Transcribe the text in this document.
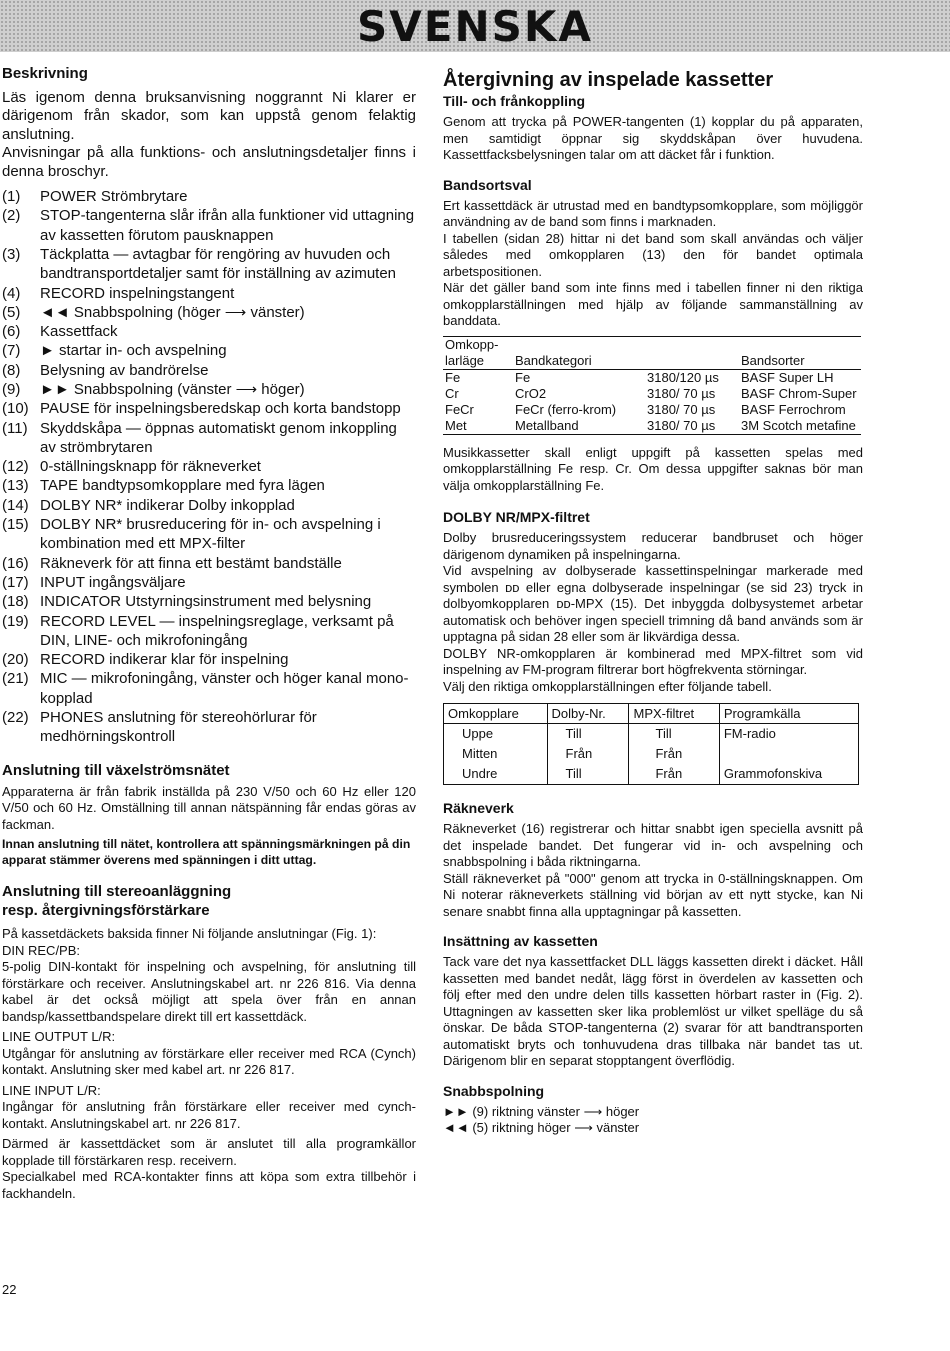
SVENSKA
Beskrivning

Läs igenom denna bruksanvisning noggrannt Ni klarer er därigenom från skador, som kan uppstå genom felaktig anslutning.

Anvisningar på alla funktions- och anslutningsdetaljer finns i denna broschyr.

(1)	POWER Strömbrytare
(2)	STOP-tangenterna slår ifrån alla funktioner vid uttagning av kassetten förutom pausknappen
(3)	Täckplatta — avtagbar för rengöring av huvuden och bandtransportdetaljer samt för inställning av azimuten
(4)	RECORD inspelningstangent
(5)	◄◄ Snabbspolning (höger ⟶ vänster)
(6)	Kassettfack
(7)	► startar in- och avspelning
(8)	Belysning av bandrörelse
(9)	►► Snabbspolning (vänster ⟶ höger)
(10) PAUSE för inspelningsberedskap och korta bandstopp
(11) Skyddskåpa — öppnas automatiskt genom inkoppling av strömbrytaren
(12) 0-ställningsknapp för räkneverket
(13) TAPE bandtypsomkopplare med fyra lägen
(14) DOLBY NR* indikerar Dolby inkopplad
(15) DOLBY NR* brusreducering för in- och avspelning i kombination med ett MPX-filter
(16) Räkneverk för att finna ett bestämt bandställe
(17) INPUT ingångsväljare
(18) INDICATOR Utstyrningsinstrument med belysning
(19) RECORD LEVEL — inspelningsreglage, verksamt på DIN, LINE- och mikrofoningång
(20) RECORD indikerar klar för inspelning
(21) MIC — mikrofoningång, vänster och höger kanal mono-kopplad
(22) PHONES anslutning för stereohörlurar för medhörningskontroll
Anslutning till växelströmsnätet

Apparaterna är från fabrik inställda på 230 V/50 och 60 Hz eller 120 V/50 och 60 Hz. Omställning till annan nätspänning får endas göras av fackman.

Innan anslutning till nätet, kontrollera att spänningsmärkningen på din apparat stämmer överens med spänningen i ditt uttag.

Anslutning till stereoanläggning
resp. återgivningsförstärkare

På kassetdäckets baksida finner Ni följande anslutningar (Fig. 1):

DIN REC/PB:

5-polig DIN-kontakt för inspelning och avspelning, för anslutning till förstärkare och receiver. Anslutningskabel art. nr 226 816. Via denna kabel är det också möjligt att spela över från en annan bandsp/kassettbandspelare direkt till ert kassettdäck.

LINE OUTPUT L/R:

Utgångar för anslutning av förstärkare eller receiver med RCA (Cynch) kontakt. Anslutning sker med kabel art. nr 226 817.

LINE INPUT L/R:

Ingångar för anslutning från förstärkare eller receiver med cynch-kontakt. Anslutningskabel art. nr 226 817.

Därmed är kassettdäcket som är anslutet till alla programkällor kopplade till förstärkaren resp. receivern.

Specialkabel med RCA-kontakter finns att köpa som extra tillbehör i fackhandeln.

22
Återgivning av inspelade kassetter
Till- och frånkoppling

Genom att trycka på POWER-tangenten (1) kopplar du på apparaten, men samtidigt öppnar sig skyddskåpan över huvudena. Kassettfacksbelysningen talar om att däcket får i funktion.

Bandsortsval

Ert kassettdäck är utrustad med en bandtypsomkopplare, som möjliggör användning av de band som finns i marknaden.

I tabellen (sidan 28) hittar ni det band som skall användas och väljer således med omkopplaren (13) den för bandet optimala arbetspositionen.

När det gäller band som inte finns med i tabellen finner ni den riktiga omkopplarställningen med hjälp av följande sammanställning av banddata.

Omkopp-
larläge	Bandkategori		Bandsorter
Fe	Fe	3180/120 µs	BASF Super LH
Cr	CrO2	3180/ 70 µs	BASF Chrom-Super
FeCr	FeCr (ferro-krom)	3180/ 70 µs	BASF Ferrochrom
Met	Metallband	3180/ 70 µs	3M Scotch metafine

Musikkassetter skall enligt uppgift på kassetten spelas med omkopplarställning Fe resp. Cr. Om dessa uppgifter saknas bör man välja omkopplarställning Fe.

DOLBY NR/MPX-filtret

Dolby brusreduceringssystem reducerar bandbruset och höger därigenom dynamiken på inspelningarna.

Vid avspelning av dolbyserade kassettinspelningar markerade med symbolen ᴅᴅ eller egna dolbyserade inspelningar (se sid 23) tryck in dolbyomkopplaren ᴅᴅ-MPX (15). Det inbyggda dolbysystemet arbetar automatisk och behöver ingen speciell trimning då band används som är upptagna på sidan 28 eller som är likvärdiga dessa.

DOLBY NR-omkopplaren är kombinerad med MPX-filtret som vid inspelning av FM-program filtrerar bort högfrekventa störningar.

Välj den riktiga omkopplarställningen efter följande tabell.

Omkopplare	Dolby-Nr.	MPX-filtret	Programkälla
Uppe	Till	Till	FM-radio
Mitten	Från	Från	
Undre	Till	Från	Grammofonskiva
Räkneverk

Räkneverket (16) registrerar och hittar snabbt igen speciella avsnitt på det inspelade bandet. Det fungerar vid in- och avspelning och snabbspolning i båda riktningarna.

Ställ räkneverket på "000" genom att trycka in 0-ställningsknappen. Om Ni noterar räkneverkets ställning vid början av ett nytt stycke, kan Ni senare snabbt finna alla upptagningar på kassetten.

Insättning av kassetten

Tack vare det nya kassettfacket DLL läggs kassetten direkt i däcket. Håll kassetten med bandet nedåt, lägg först in överdelen av kassetten och följ efter med den undre delen tills kassetten hörbart raster in (Fig. 2). Uttagningen av kassetten sker lika problemlöst ur vilket spelläge du så önskar. De båda STOP-tangenterna (2) svarar för att bandtransporten automatiskt bryts och tonhuvudena dras tillbaka när bandet tas ut. Därigenom blir en separat stopptangent överflödig.

Snabbspolning

►► (9) riktning vänster ⟶ höger

◄◄ (5) riktning höger ⟶ vänster
